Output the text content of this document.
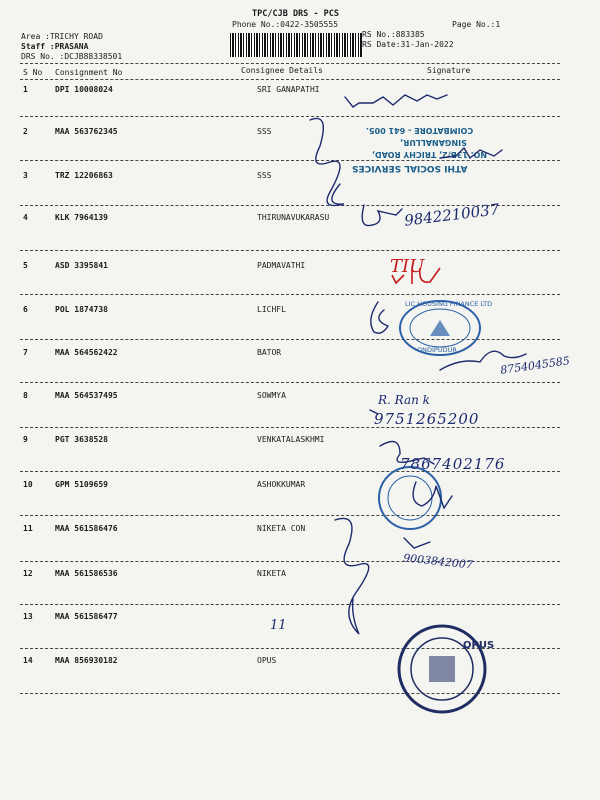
TPC/CJB DRS - PCS
Phone No.:0422-3505555	Page No.:1
Area :TRICHY ROAD
Staff :PRASANA
DRS No. :DCJB88338501
RS No.:883385
RS Date:31-Jan-2022
S No Consignment No	Consignee Details	Signature
1	DPI 10008024	SRI GANAPATHI
2	MAA 563762345	SSS
3	TRZ 12206863	SSS
4	KLK 7964139	THIRUNAVUKARASU
5	ASD 3395841	PADMAVATHI
6	POL 1874738	LICHFL
7	MAA 564562422	BATOR
8	MAA 564537495	SOWMYA
9	PGT 3638528	VENKATALASKHMI
10	GPM 5109659	ASHOKKUMAR
11	MAA 561586476	NIKETA CON
12	MAA 561586536	NIKETA
13	MAA 561586477
14	MAA 856930182	OPUS
COIMBATORE - 641 005.
SINGANALLUR,
NO. 13B/2, TRICHY ROAD,
ATHI SOCIAL SERVICES
LIC HOUSING FINANCE LTD
ONDIPUDUR
OPUS
9842210037
TIU
8754045585
R. Ran k
9751265200
7867402176
9003842007
11
